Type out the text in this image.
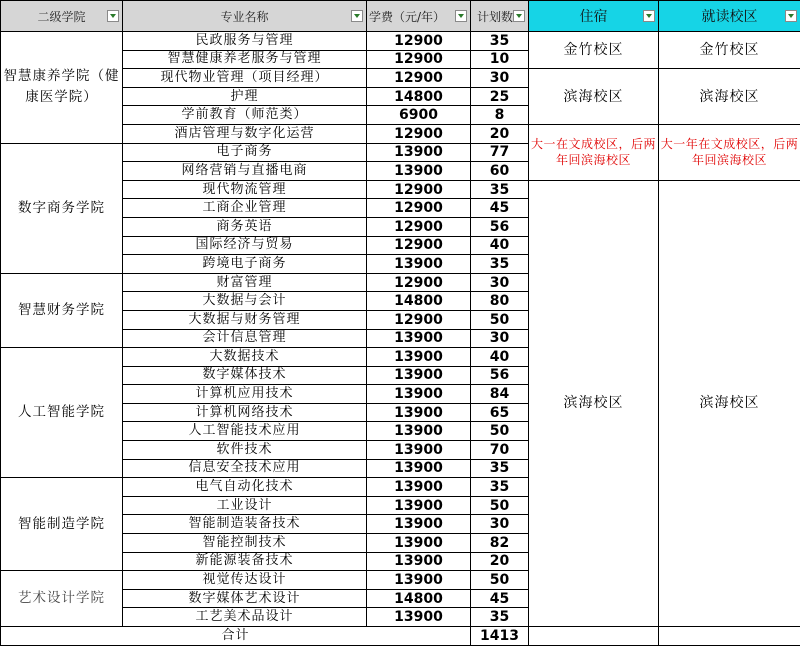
二级学院	专业名称	学费（元/年）	计划数	住宿	就读校区

智慧康养学院（健康医学院）	民政服务与管理	12900	35	金竹校区	金竹校区
	智慧健康养老服务与管理	12900	10		
	现代物业管理（项目经理）	12900	30	滨海校区	滨海校区
	护理	14800	25		
	学前教育（师范类）	6900	8		
	酒店管理与数字化运营	12900	20	大一在文成校区，后两年回滨海校区	大一年在文成校区，后两年回滨海校区
数字商务学院	电子商务	13900	77		
	网络营销与直播电商	13900	60		
	现代物流管理	12900	35	滨海校区	滨海校区
	工商企业管理	12900	45		
	商务英语	12900	56		
	国际经济与贸易	12900	40		
	跨境电子商务	13900	35		
智慧财务学院	财富管理	12900	30		
	大数据与会计	14800	80		
	大数据与财务管理	12900	50		
	会计信息管理	13900	30		
人工智能学院	大数据技术	13900	40		
	数字媒体技术	13900	56		
	计算机应用技术	13900	84		
	计算机网络技术	13900	65		
	人工智能技术应用	13900	50		
	软件技术	13900	70		
	信息安全技术应用	13900	35		
智能制造学院	电气自动化技术	13900	35		
	工业设计	13900	50		
	智能制造装备技术	13900	30		
	智能控制技术	13900	82		
	新能源装备技术	13900	20		
艺术设计学院	视觉传达设计	13900	50		
	数字媒体艺术设计	14800	45		
	工艺美术品设计	13900	35		
合计			1413		
